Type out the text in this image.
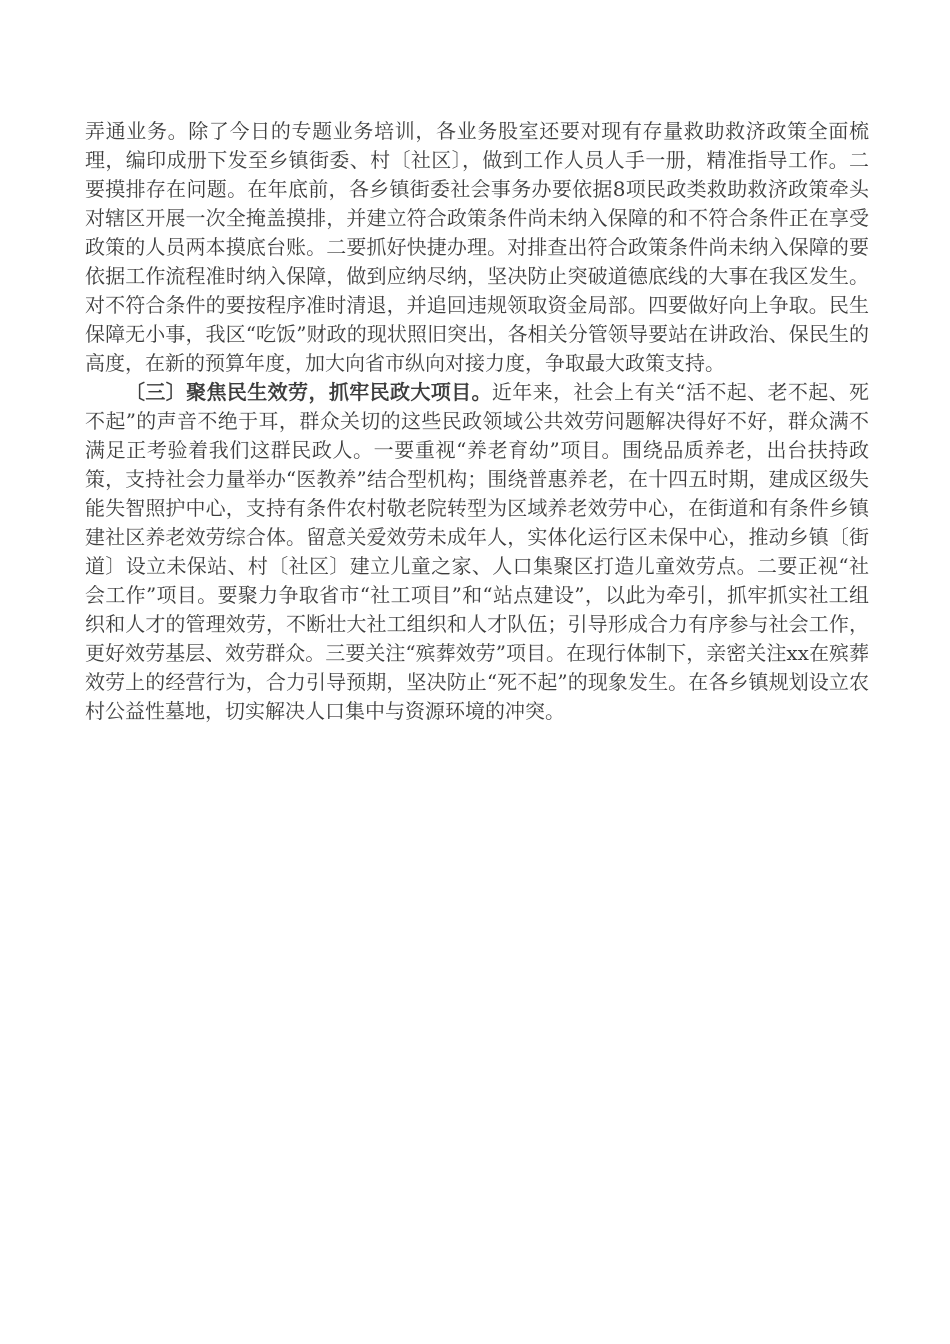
弄通业务。除了今日的专题业务培训，各业务股室还要对现有存量救助救济政策全面梳理，编印成册下发至乡镇街委、村〔社区〕，做到工作人员人手一册，精准指导工作。二要摸排存在问题。在年底前，各乡镇街委社会事务办要依据8项民政类救助救济政策牵头对辖区开展一次全掩盖摸排，并建立符合政策条件尚未纳入保障的和不符合条件正在享受政策的人员两本摸底台账。二要抓好快捷办理。对排查出符合政策条件尚未纳入保障的要依据工作流程准时纳入保障，做到应纳尽纳，坚决防止突破道德底线的大事在我区发生。对不符合条件的要按程序准时清退，并追回违规领取资金局部。四要做好向上争取。民生保障无小事，我区“吃饭”财政的现状照旧突出，各相关分管领导要站在讲政治、保民生的高度，在新的预算年度，加大向省市纵向对接力度，争取最大政策支持。

〔三〕聚焦民生效劳，抓牢民政大项目。近年来，社会上有关“活不起、老不起、死不起”的声音不绝于耳，群众关切的这些民政领域公共效劳问题解决得好不好，群众满不满足正考验着我们这群民政人。一要重视“养老育幼”项目。围绕品质养老，出台扶持政策，支持社会力量举办“医教养”结合型机构；围绕普惠养老，在十四五时期，建成区级失能失智照护中心，支持有条件农村敬老院转型为区域养老效劳中心，在街道和有条件乡镇建社区养老效劳综合体。留意关爱效劳未成年人，实体化运行区未保中心，推动乡镇〔街道〕设立未保站、村〔社区〕建立儿童之家、人口集聚区打造儿童效劳点。二要正视“社会工作”项目。要聚力争取省市“社工项目”和“站点建设”，以此为牵引，抓牢抓实社工组织和人才的管理效劳，不断壮大社工组织和人才队伍；引导形成合力有序参与社会工作，更好效劳基层、效劳群众。三要关注“殡葬效劳”项目。在现行体制下，亲密关注xx在殡葬效劳上的经营行为，合力引导预期，坚决防止“死不起”的现象发生。在各乡镇规划设立农村公益性墓地，切实解决人口集中与资源环境的冲突。
